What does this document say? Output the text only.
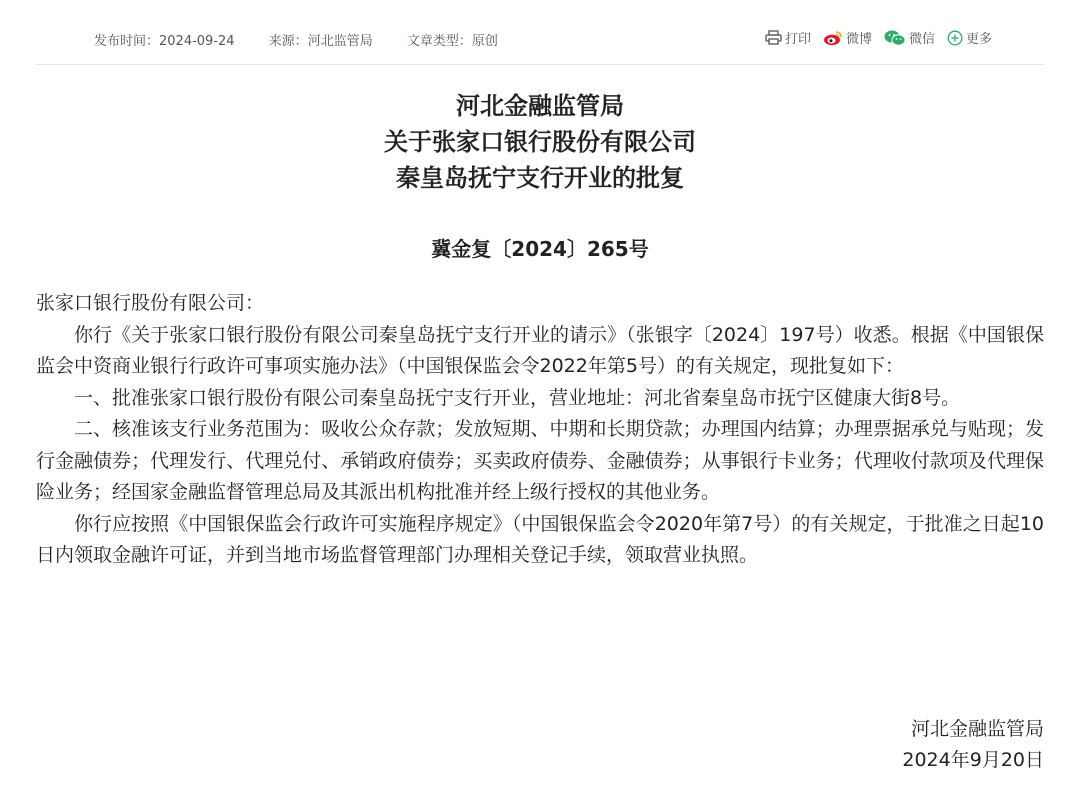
发布时间：2024-09-24	来源：河北监管局	文章类型：原创	打印	微博	微信 更多
河北金融监管局
关于张家口银行股份有限公司
秦皇岛抚宁支行开业的批复
冀金复〔2024〕265号

张家口银行股份有限公司：

你行《关于张家口银行股份有限公司秦皇岛抚宁支行开业的请示》（张银字〔2024〕197号）收悉。根据《中国银保监会中资商业银行行政许可事项实施办法》（中国银保监会令2022年第5号）的有关规定，现批复如下：

一、批准张家口银行股份有限公司秦皇岛抚宁支行开业，营业地址：河北省秦皇岛市抚宁区健康大街8号。

二、核准该支行业务范围为：吸收公众存款；发放短期、中期和长期贷款；办理国内结算；办理票据承兑与贴现；发行金融债券；代理发行、代理兑付、承销政府债券；买卖政府债券、金融债券；从事银行卡业务；代理收付款项及代理保险业务；经国家金融监督管理总局及其派出机构批准并经上级行授权的其他业务。

你行应按照《中国银保监会行政许可实施程序规定》（中国银保监会令2020年第7号）的有关规定，于批准之日起10日内领取金融许可证，并到当地市场监督管理部门办理相关登记手续，领取营业执照。

河北金融监管局
2024年9月20日
